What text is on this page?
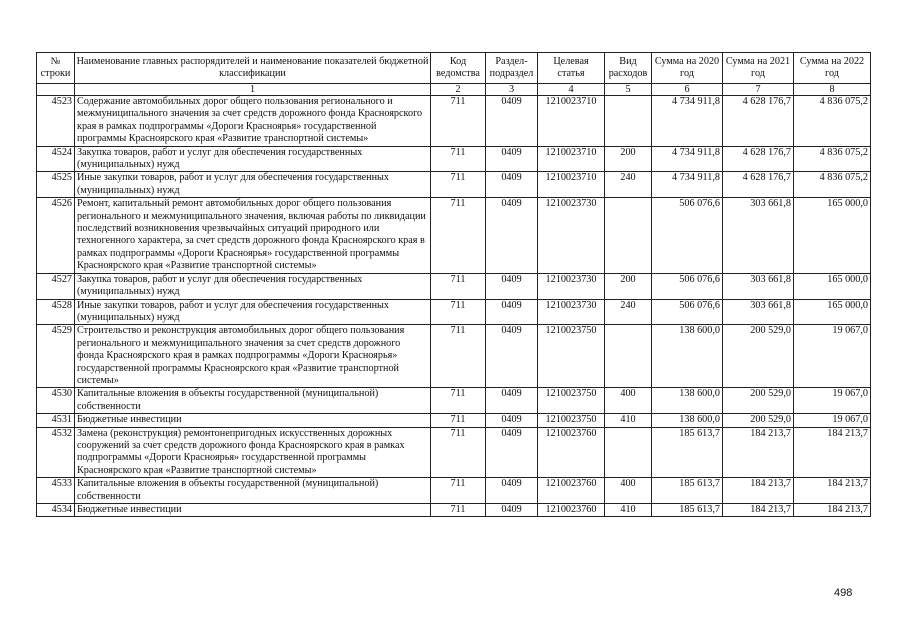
№ строки	Наименование главных распорядителей и наименование показателей бюджетной классификации	Код ведомства	Раздел-подраздел	Целевая статья	Вид расходов	Сумма на 2020 год	Сумма на 2021 год	Сумма на 2022 год
	1	2	3	4	5	6	7	8
4523	Содержание автомобильных дорог общего пользования регионального и межмуниципального значения за счет средств дорожного фонда Красноярского края в рамках подпрограммы «Дороги Красноярья» государственной программы Красноярского края «Развитие транспортной системы»	711	0409	1210023710		4 734 911,8	4 628 176,7	4 836 075,2
4524	Закупка товаров, работ и услуг для обеспечения государственных (муниципальных) нужд	711	0409	1210023710	200	4 734 911,8	4 628 176,7	4 836 075,2
4525	Иные закупки товаров, работ и услуг для обеспечения государственных (муниципальных) нужд	711	0409	1210023710	240	4 734 911,8	4 628 176,7	4 836 075,2
4526	Ремонт, капитальный ремонт автомобильных дорог общего пользования регионального и межмуниципального значения, включая работы по ликвидации последствий возникновения чрезвычайных ситуаций природного или техногенного характера, за счет средств дорожного фонда Красноярского края в рамках подпрограммы «Дороги Красноярья» государственной программы Красноярского края «Развитие транспортной системы»	711	0409	1210023730		506 076,6	303 661,8	165 000,0
4527	Закупка товаров, работ и услуг для обеспечения государственных (муниципальных) нужд	711	0409	1210023730	200	506 076,6	303 661,8	165 000,0
4528	Иные закупки товаров, работ и услуг для обеспечения государственных (муниципальных) нужд	711	0409	1210023730	240	506 076,6	303 661,8	165 000,0
4529	Строительство и реконструкция автомобильных дорог общего пользования регионального и межмуниципального значения за счет средств дорожного фонда Красноярского края в рамках подпрограммы «Дороги Красноярья» государственной программы Красноярского края «Развитие транспортной системы»	711	0409	1210023750		138 600,0	200 529,0	19 067,0
4530	Капитальные вложения в объекты государственной (муниципальной) собственности	711	0409	1210023750	400	138 600,0	200 529,0	19 067,0
4531	Бюджетные инвестиции	711	0409	1210023750	410	138 600,0	200 529,0	19 067,0
4532	Замена (реконструкция) ремонтонепригодных искусственных дорожных сооружений за счет средств дорожного фонда Красноярского края в рамках подпрограммы «Дороги Красноярья» государственной программы Красноярского края «Развитие транспортной системы»	711	0409	1210023760		185 613,7	184 213,7	184 213,7
4533	Капитальные вложения в объекты государственной (муниципальной) собственности	711	0409	1210023760	400	185 613,7	184 213,7	184 213,7
4534	Бюджетные инвестиции	711	0409	1210023760	410	185 613,7	184 213,7	184 213,7
498
